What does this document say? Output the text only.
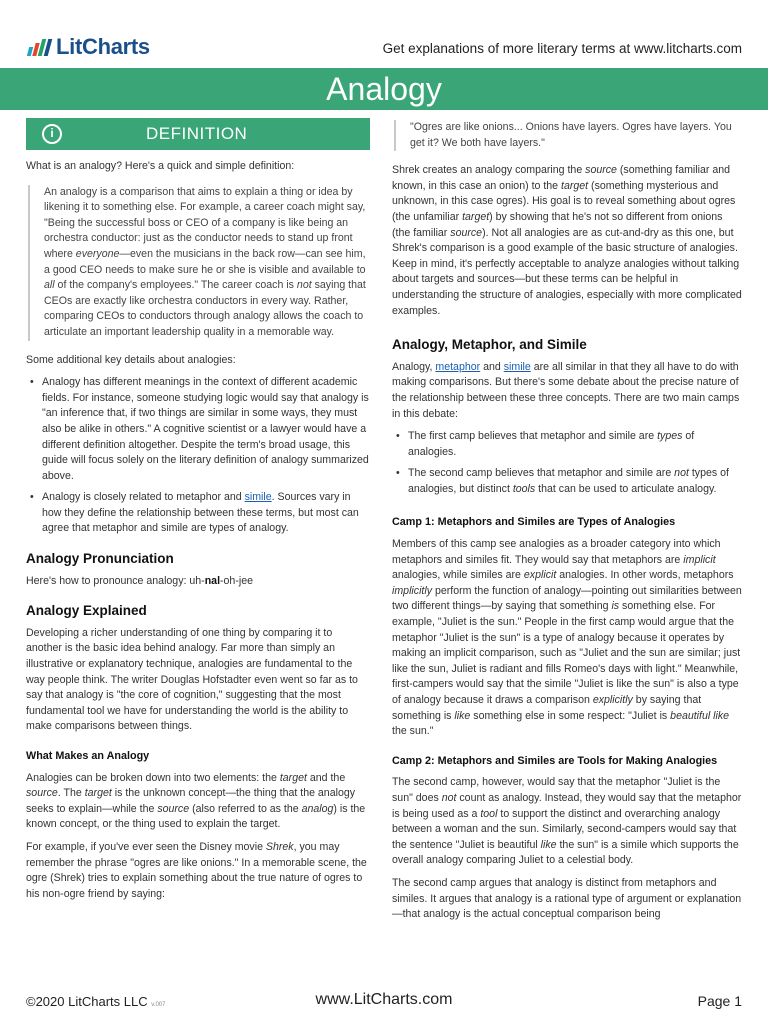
LitCharts	Get explanations of more literary terms at www.litcharts.com
Analogy
i	DEFINITION

What is an analogy? Here's a quick and simple definition:

An analogy is a comparison that aims to explain a thing or idea by likening it to something else. For example, a career coach might say, "Being the successful boss or CEO of a company is like being an orchestra conductor: just as the conductor needs to stand up front where everyone—even the musicians in the back row—can see him, a good CEO needs to make sure he or she is visible and available to all of the company's employees." The career coach is not saying that CEOs are exactly like orchestra conductors in every way. Rather, comparing CEOs to conductors through analogy allows the coach to articulate an important leadership quality in a memorable way.

Some additional key details about analogies:

• Analogy has different meanings in the context of different academic fields. For instance, someone studying logic would say that analogy is "an inference that, if two things are similar in some ways, they must also be alike in others." A cognitive scientist or a lawyer would have a different definition altogether. Despite the term's broad usage, this guide will focus solely on the literary definition of analogy summarized above.
• Analogy is closely related to metaphor and simile. Sources vary in how they define the relationship between these terms, but most can agree that metaphor and simile are types of analogy.
Analogy Pronunciation

Here's how to pronounce analogy: uh-nal-oh-jee

Analogy Explained

Developing a richer understanding of one thing by comparing it to another is the basic idea behind analogy. Far more than simply an illustrative or explanatory technique, analogies are fundamental to the way people think. The writer Douglas Hofstadter even went so far as to say that analogy is "the core of cognition," suggesting that the most fundamental tool we have for understanding the world is the ability to make comparisons between things.

What Makes an Analogy

Analogies can be broken down into two elements: the target and the source. The target is the unknown concept—the thing that the analogy seeks to explain—while the source (also referred to as the analog) is the known concept, or the thing used to explain the target.

For example, if you've ever seen the Disney movie Shrek, you may remember the phrase "ogres are like onions." In a memorable scene, the ogre (Shrek) tries to explain something about the true nature of ogres to his non-ogre friend by saying:

"Ogres are like onions... Onions have layers. Ogres have layers. You get it? We both have layers."

Shrek creates an analogy comparing the source (something familiar and known, in this case an onion) to the target (something mysterious and unknown, in this case ogres). His goal is to reveal something about ogres (the unfamiliar target) by showing that he's not so different from onions (the familiar source). Not all analogies are as cut-and-dry as this one, but Shrek's comparison is a good example of the basic structure of analogies. Keep in mind, it's perfectly acceptable to analyze analogies without talking about targets and sources—but these terms can be helpful in understanding the structure of analogies, especially with more complicated examples.

Analogy, Metaphor, and Simile

Analogy, metaphor and simile are all similar in that they all have to do with making comparisons. But there's some debate about the precise nature of the relationship between these three concepts. There are two main camps in this debate:

• The first camp believes that metaphor and simile are types of analogies.
• The second camp believes that metaphor and simile are not types of analogies, but distinct tools that can be used to articulate analogy.
Camp 1: Metaphors and Similes are Types of Analogies

Members of this camp see analogies as a broader category into which metaphors and similes fit. They would say that metaphors are implicit analogies, while similes are explicit analogies. In other words, metaphors implicitly perform the function of analogy—pointing out similarities between two different things—by saying that something is something else. For example, "Juliet is the sun." People in the first camp would argue that the metaphor "Juliet is the sun" is a type of analogy because it operates by making an implicit comparison, such as "Juliet and the sun are similar; just like the sun, Juliet is radiant and fills Romeo's days with light." Meanwhile, first-campers would say that the simile "Juliet is like the sun" is also a type of analogy because it draws a comparison explicitly by saying that something is like something else in some respect: "Juliet is beautiful like the sun."

Camp 2: Metaphors and Similes are Tools for Making Analogies

The second camp, however, would say that the metaphor "Juliet is the sun" does not count as analogy. Instead, they would say that the metaphor is being used as a tool to support the distinct and overarching analogy between a woman and the sun. Similarly, second-campers would say that the sentence "Juliet is beautiful like the sun" is a simile which supports the overall analogy comparing Juliet to a celestial body.

The second camp argues that analogy is distinct from metaphors and similes. It argues that analogy is a rational type of argument or explanation—that analogy is the actual conceptual comparison being

©2020 LitCharts LLC v.007	www.LitCharts.com	Page 1
